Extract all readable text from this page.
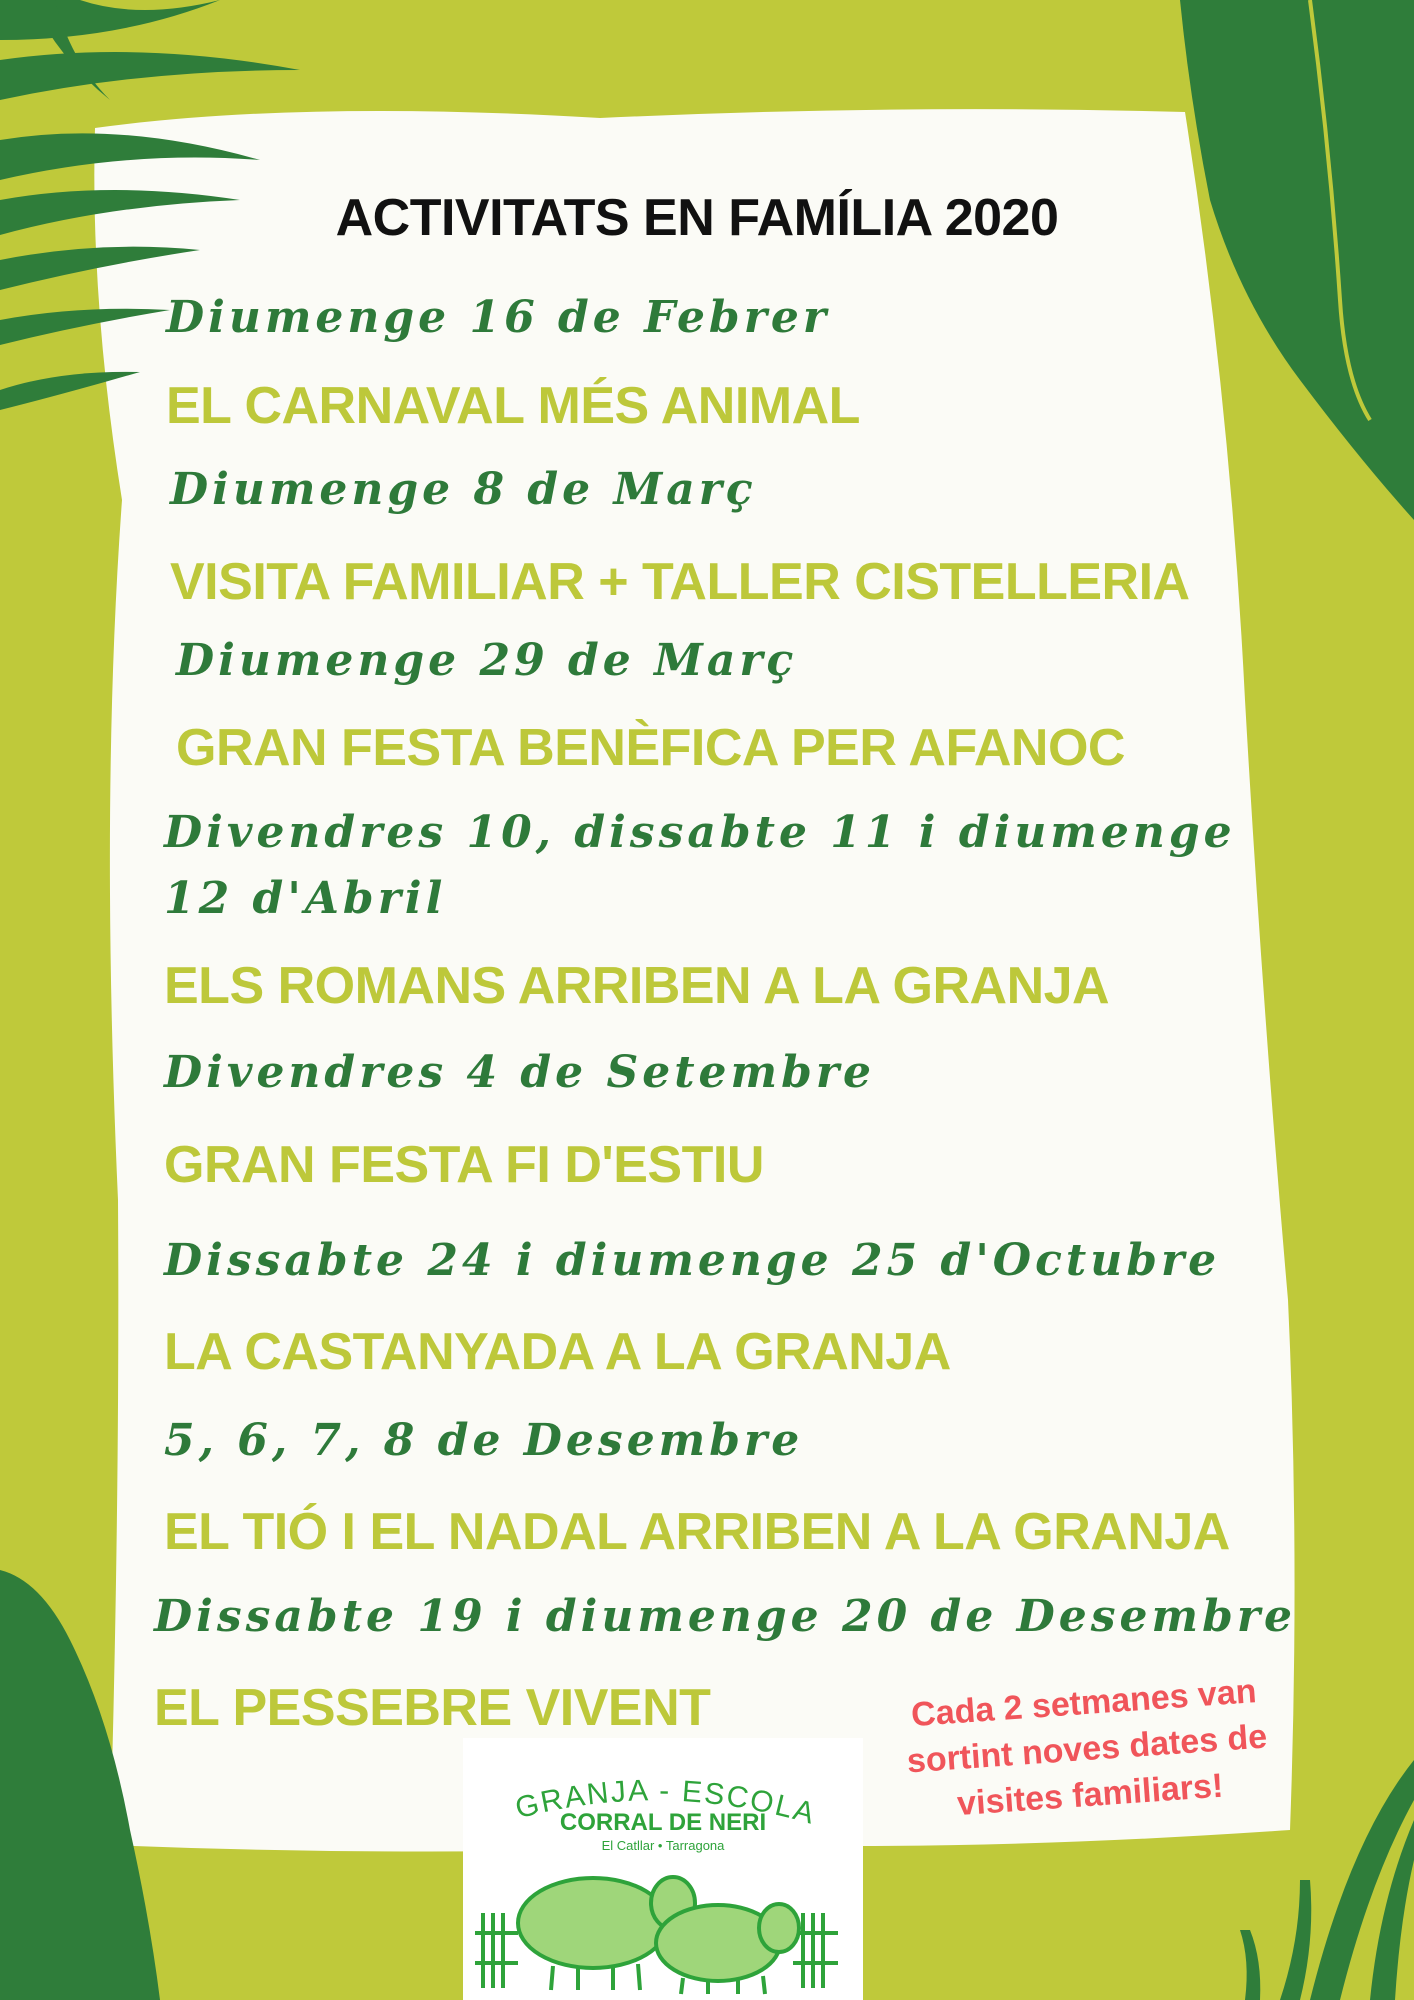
ACTIVITATS EN FAMÍLIA 2020
Diumenge 16 de Febrer
EL CARNAVAL MÉS ANIMAL
Diumenge 8 de Març
VISITA FAMILIAR + TALLER CISTELLERIA
Diumenge 29 de Març
GRAN FESTA BENÈFICA PER AFANOC
Divendres 10, dissabte 11 i diumenge 12 d'Abril
ELS ROMANS ARRIBEN A LA GRANJA
Divendres 4 de Setembre
GRAN FESTA FI D'ESTIU
Dissabte 24 i diumenge 25 d'Octubre
LA CASTANYADA A LA GRANJA
5, 6, 7, 8 de Desembre
EL TIÓ I EL NADAL ARRIBEN A LA GRANJA
Dissabte 19 i diumenge 20 de Desembre
EL PESSEBRE VIVENT	Cada 2 setmanes van sortint noves dates de visites familiars!
GRANJA - ESCOLA
CORRAL DE NERI
El Catllar • Tarragona
